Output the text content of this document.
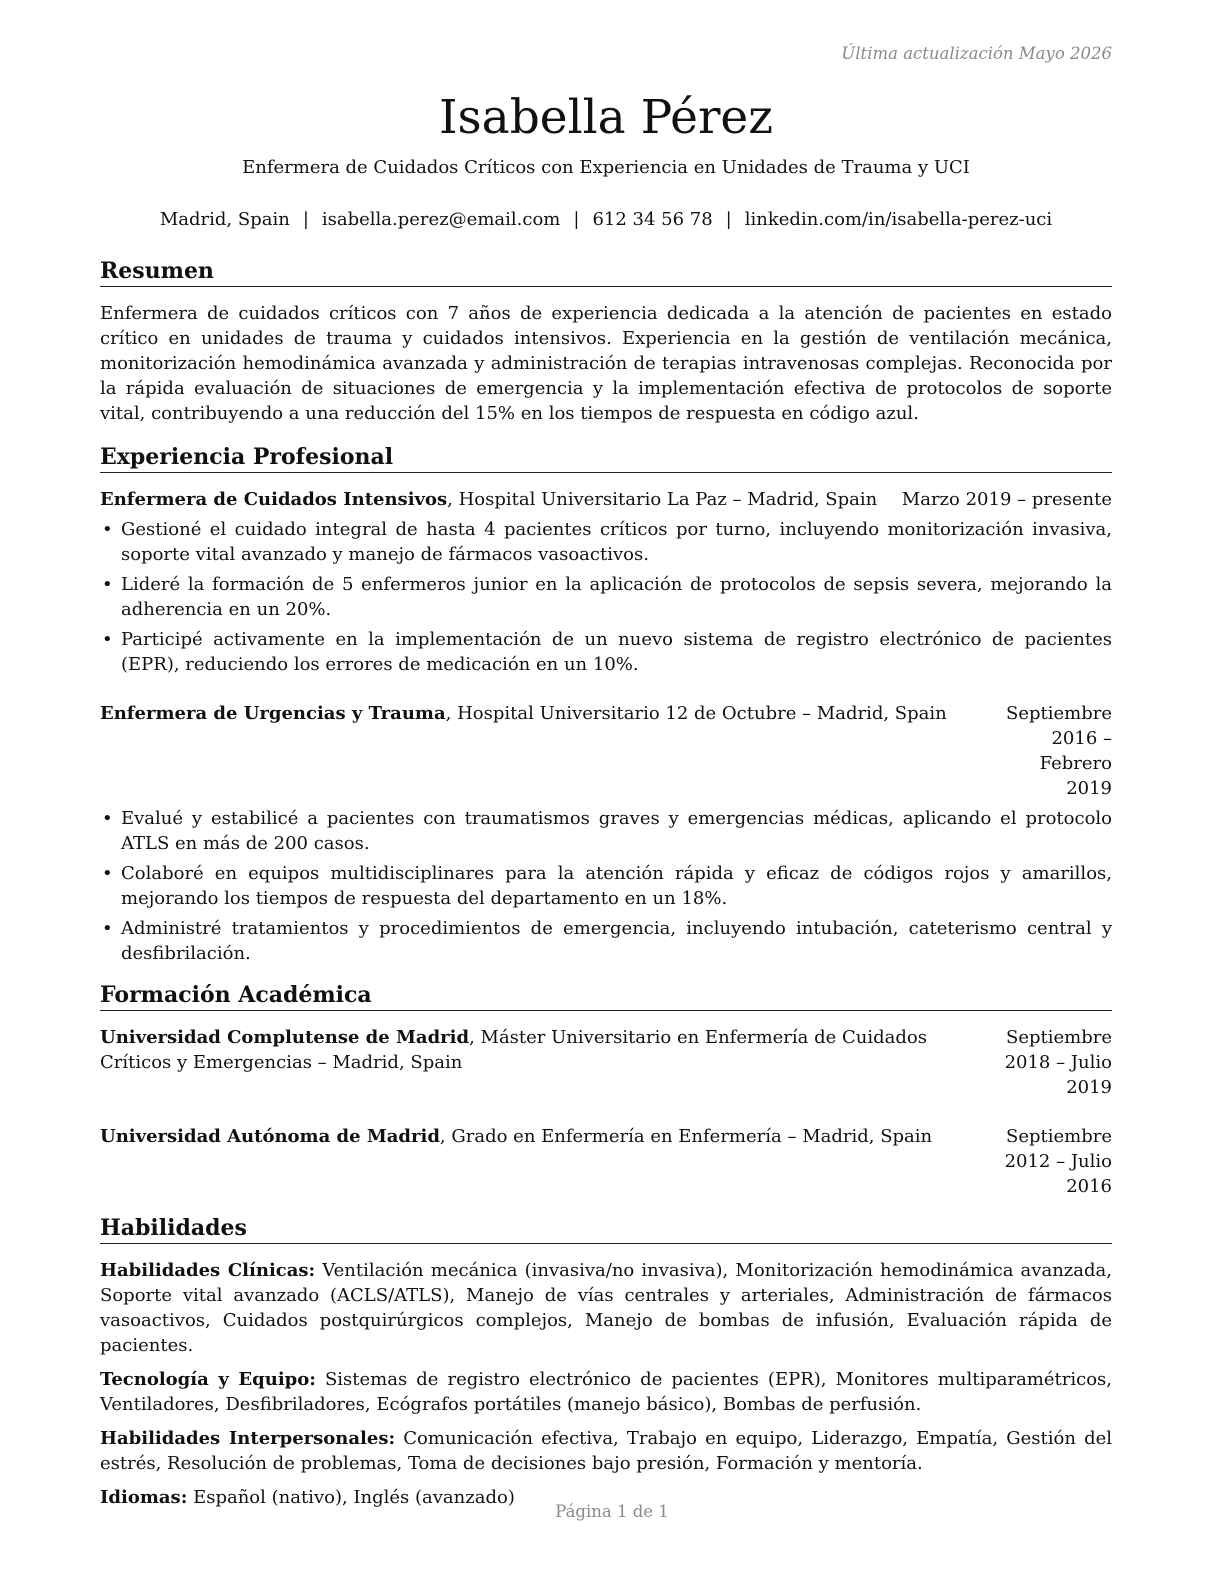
Última actualización Mayo 2026
Isabella Pérez
Enfermera de Cuidados Críticos con Experiencia en Unidades de Trauma y UCI
Madrid, Spain | isabella.perez@email.com | 612 34 56 78 | linkedin.com/in/isabella-perez-uci
Resumen

Enfermera de cuidados críticos con 7 años de experiencia dedicada a la atención de pacientes en estado crítico en unidades de trauma y cuidados intensivos. Experiencia en la gestión de ventilación mecánica, monitorización hemodinámica avanzada y administración de terapias intravenosas complejas. Reconocida por la rápida evaluación de situaciones de emergencia y la implementación efectiva de protocolos de soporte vital, contribuyendo a una reducción del 15% en los tiempos de respuesta en código azul.

Experiencia Profesional
Enfermera de Cuidados Intensivos, Hospital Universitario La Paz – Madrid, Spain	Marzo 2019 – presente
• Gestioné el cuidado integral de hasta 4 pacientes críticos por turno, incluyendo monitorización invasiva, soporte vital avanzado y manejo de fármacos vasoactivos.
• Lideré la formación de 5 enfermeros junior en la aplicación de protocolos de sepsis severa, mejorando la adherencia en un 20%.
• Participé activamente en la implementación de un nuevo sistema de registro electrónico de pacientes (EPR), reduciendo los errores de medicación en un 10%.
Enfermera de Urgencias y Trauma, Hospital Universitario 12 de Octubre – Madrid, Spain	Septiembre 2016 – Febrero 2019
• Evalué y estabilicé a pacientes con traumatismos graves y emergencias médicas, aplicando el protocolo ATLS en más de 200 casos.
• Colaboré en equipos multidisciplinares para la atención rápida y eficaz de códigos rojos y amarillos, mejorando los tiempos de respuesta del departamento en un 18%.
• Administré tratamientos y procedimientos de emergencia, incluyendo intubación, cateterismo central y desfibrilación.
Formación Académica
Universidad Complutense de Madrid, Máster Universitario en Enfermería de Cuidados Críticos y Emergencias – Madrid, Spain
Septiembre 2018 – Julio 2019
Universidad Autónoma de Madrid, Grado en Enfermería en Enfermería – Madrid, Spain	Septiembre 2012 – Julio 2016
Habilidades

Habilidades Clínicas: Ventilación mecánica (invasiva/no invasiva), Monitorización hemodinámica avanzada, Soporte vital avanzado (ACLS/ATLS), Manejo de vías centrales y arteriales, Administración de fármacos vasoactivos, Cuidados postquirúrgicos complejos, Manejo de bombas de infusión, Evaluación rápida de pacientes.

Tecnología y Equipo: Sistemas de registro electrónico de pacientes (EPR), Monitores multiparamétricos, Ventiladores, Desfibriladores, Ecógrafos portátiles (manejo básico), Bombas de perfusión.

Habilidades Interpersonales: Comunicación efectiva, Trabajo en equipo, Liderazgo, Empatía, Gestión del estrés, Resolución de problemas, Toma de decisiones bajo presión, Formación y mentoría.

Idiomas: Español (nativo), Inglés (avanzado)

Página 1 de 1
